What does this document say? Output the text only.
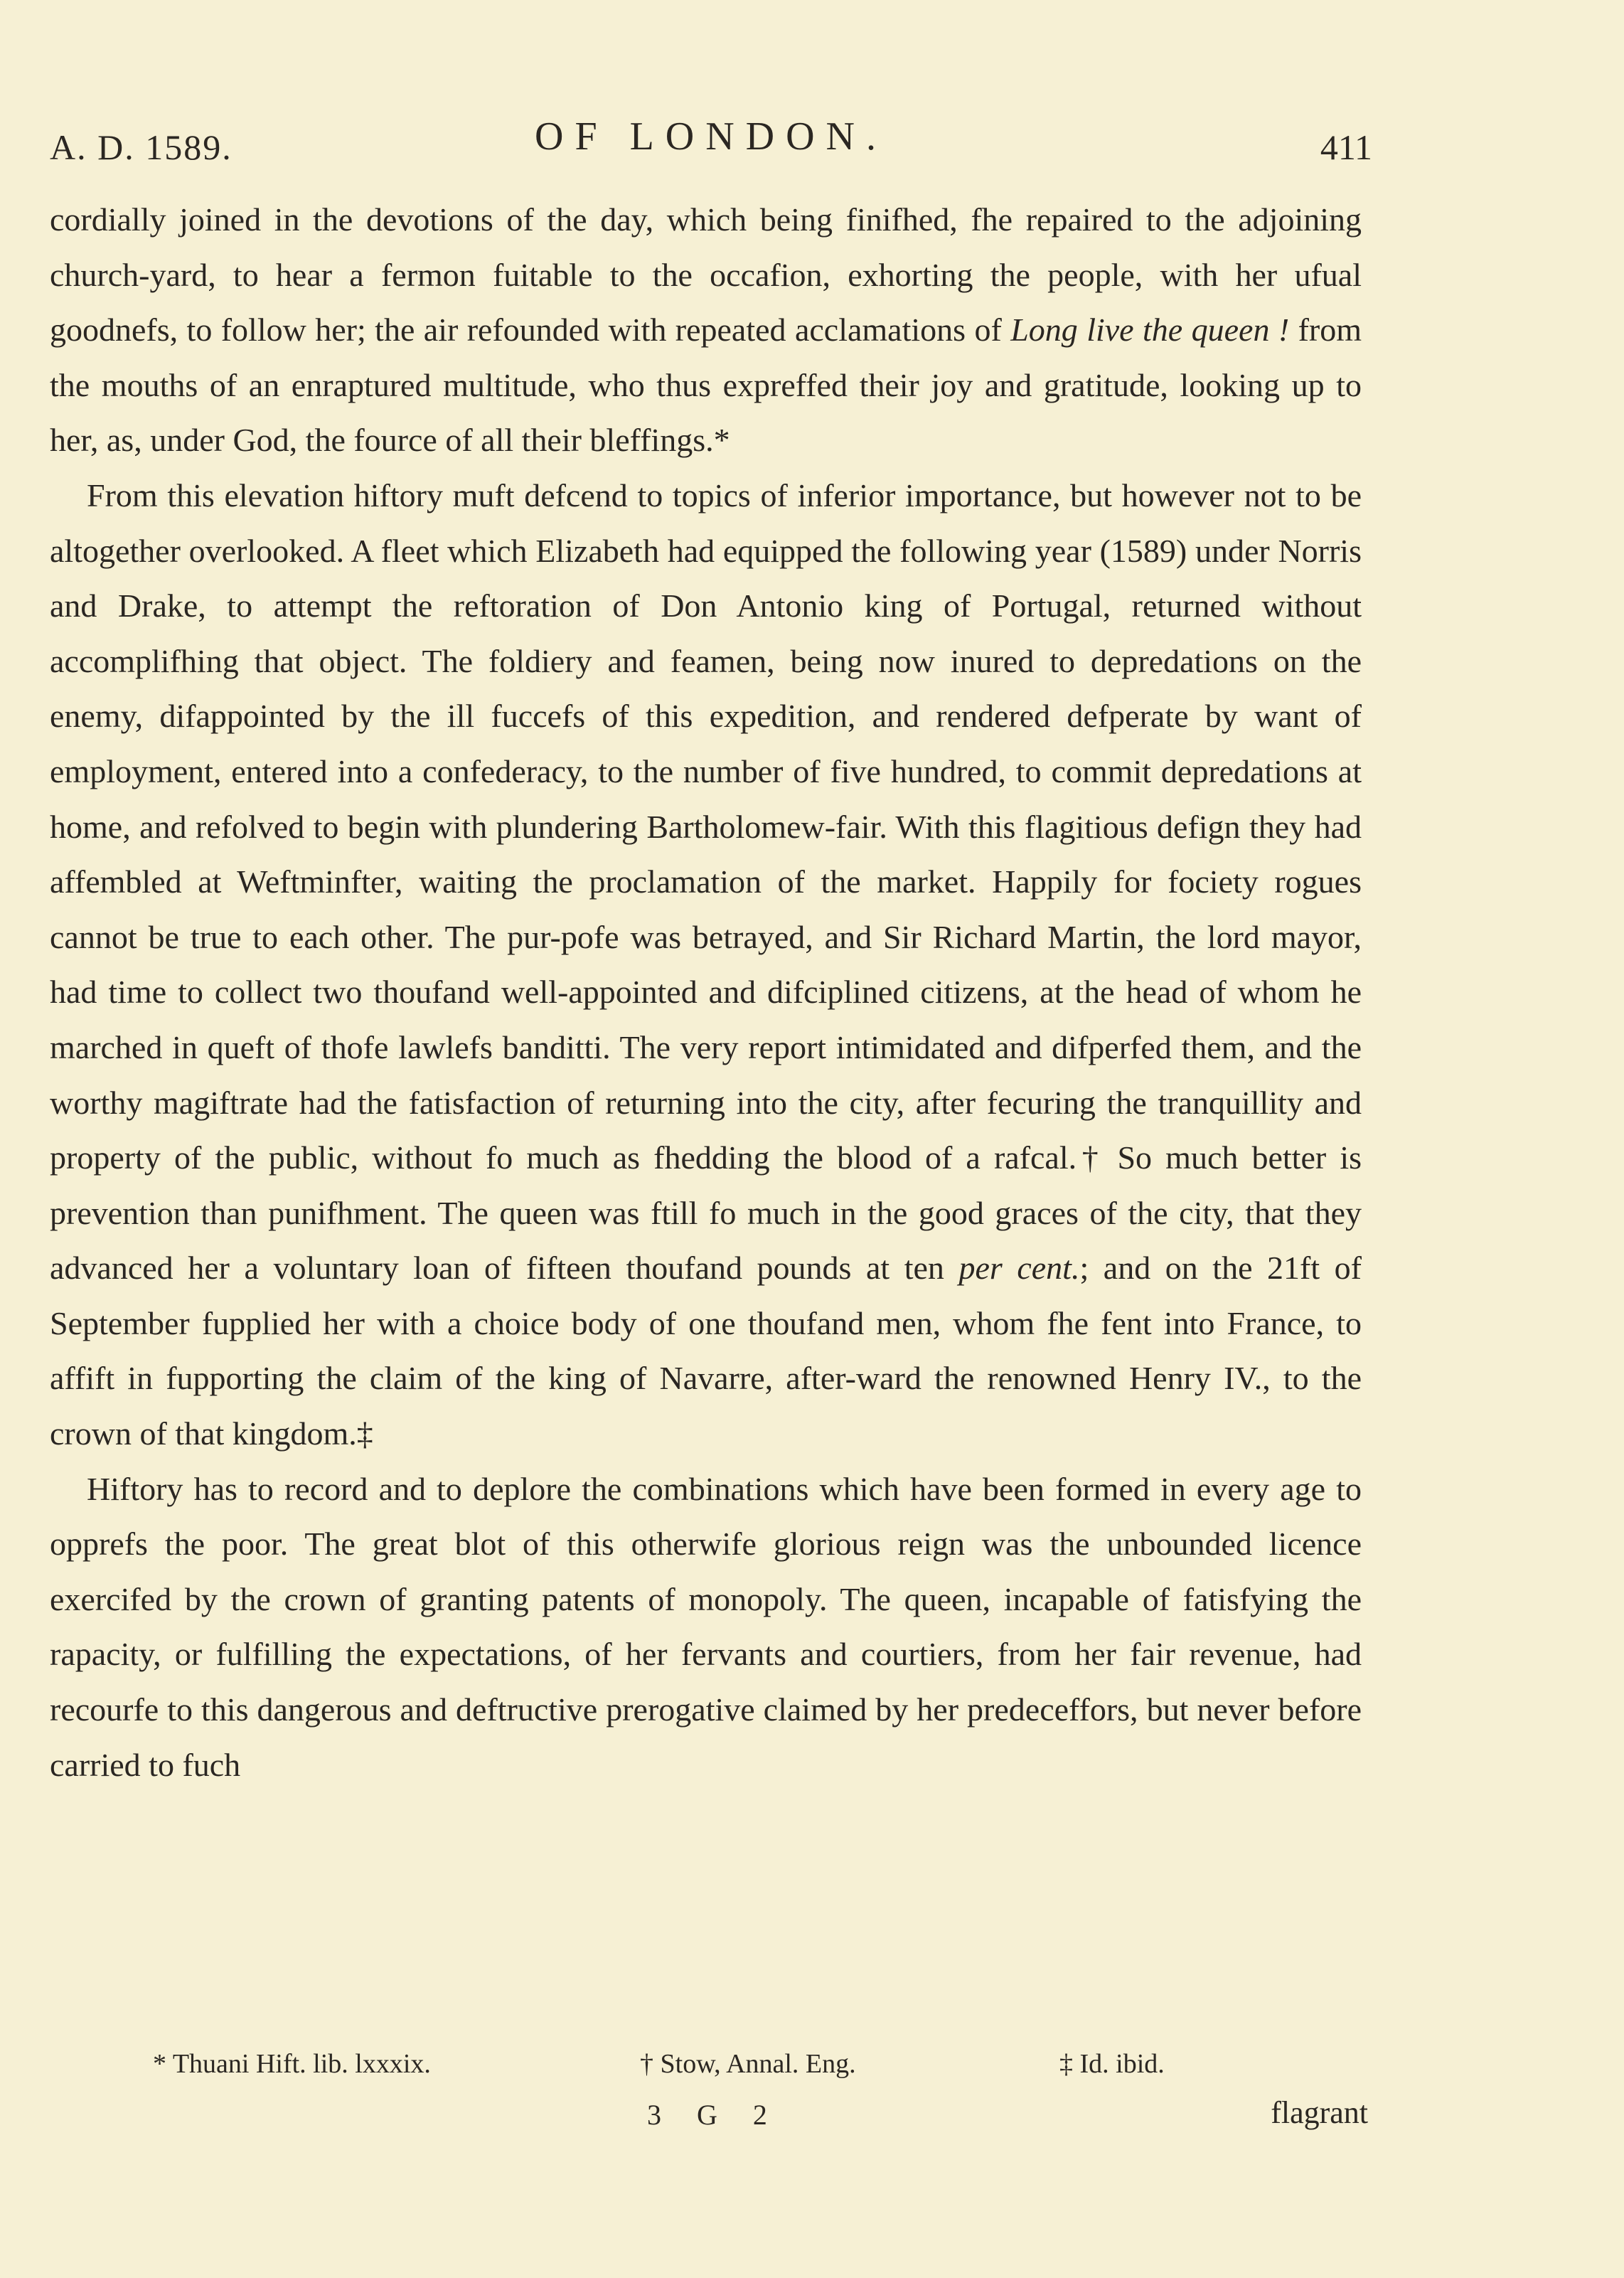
A. D. 1589.	OF LONDON.	411

cordially joined in the devotions of the day, which being finifhed, fhe repaired to the adjoining church-yard, to hear a fermon fuitable to the occafion, exhorting the people, with her ufual goodnefs, to follow her; the air refounded with repeated acclamations of Long live the queen ! from the mouths of an enraptured multitude, who thus expreffed their joy and gratitude, looking up to her, as, under God, the fource of all their bleffings.*

From this elevation hiftory muft defcend to topics of inferior importance, but however not to be altogether overlooked. A fleet which Elizabeth had equipped the following year (1589) under Norris and Drake, to attempt the reftoration of Don Antonio king of Portugal, returned without accomplifhing that object. The foldiery and feamen, being now inured to depredations on the enemy, difappointed by the ill fuccefs of this expedition, and rendered defperate by want of employment, entered into a confederacy, to the number of five hundred, to commit depredations at home, and refolved to begin with plundering Bartholomew-fair. With this flagitious defign they had affembled at Weftminfter, waiting the proclamation of the market. Happily for fociety rogues cannot be true to each other. The pur-pofe was betrayed, and Sir Richard Martin, the lord mayor, had time to collect two thoufand well-appointed and difciplined citizens, at the head of whom he marched in queft of thofe lawlefs banditti. The very report intimidated and difperfed them, and the worthy magiftrate had the fatisfaction of returning into the city, after fecuring the tranquillity and property of the public, without fo much as fhedding the blood of a rafcal.† So much better is prevention than punifhment. The queen was ftill fo much in the good graces of the city, that they advanced her a voluntary loan of fifteen thoufand pounds at ten per cent.; and on the 21ft of September fupplied her with a choice body of one thoufand men, whom fhe fent into France, to affift in fupporting the claim of the king of Navarre, after-ward the renowned Henry IV., to the crown of that kingdom.‡

Hiftory has to record and to deplore the combinations which have been formed in every age to opprefs the poor. The great blot of this otherwife glorious reign was the unbounded licence exercifed by the crown of granting patents of monopoly. The queen, incapable of fatisfying the rapacity, or fulfilling the expectations, of her fervants and courtiers, from her fair revenue, had recourfe to this dangerous and deftructive prerogative claimed by her predeceffors, but never before carried to fuch

* Thuani Hift. lib. lxxxix.	† Stow, Annal. Eng.	‡ Id. ibid.
3 G 2	flagrant
